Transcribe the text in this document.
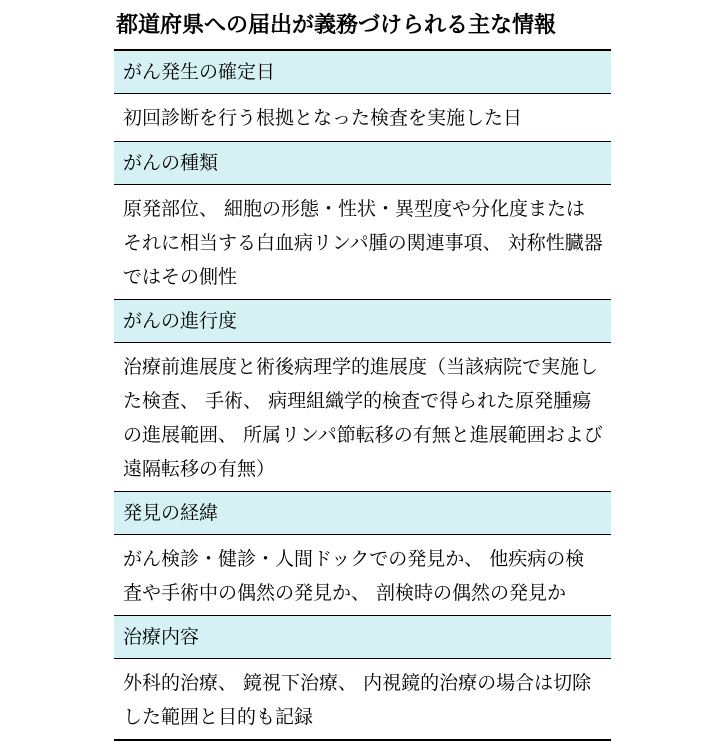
都道府県への届出が義務づけられる主な情報
がん発生の確定日
初回診断を行う根拠となった検査を実施した日
がんの種類
原発部位、 細胞の形態・性状・異型度や分化度またはそれに相当する白血病リンパ腫の関連事項、 対称性臓器ではその側性
がんの進行度
治療前進展度と術後病理学的進展度（当該病院で実施した検査、 手術、 病理組織学的検査で得られた原発腫瘍の進展範囲、 所属リンパ節転移の有無と進展範囲および遠隔転移の有無）
発見の経緯
がん検診・健診・人間ドックでの発見か、 他疾病の検査や手術中の偶然の発見か、 剖検時の偶然の発見か
治療内容
外科的治療、 鏡視下治療、 内視鏡的治療の場合は切除した範囲と目的も記録
